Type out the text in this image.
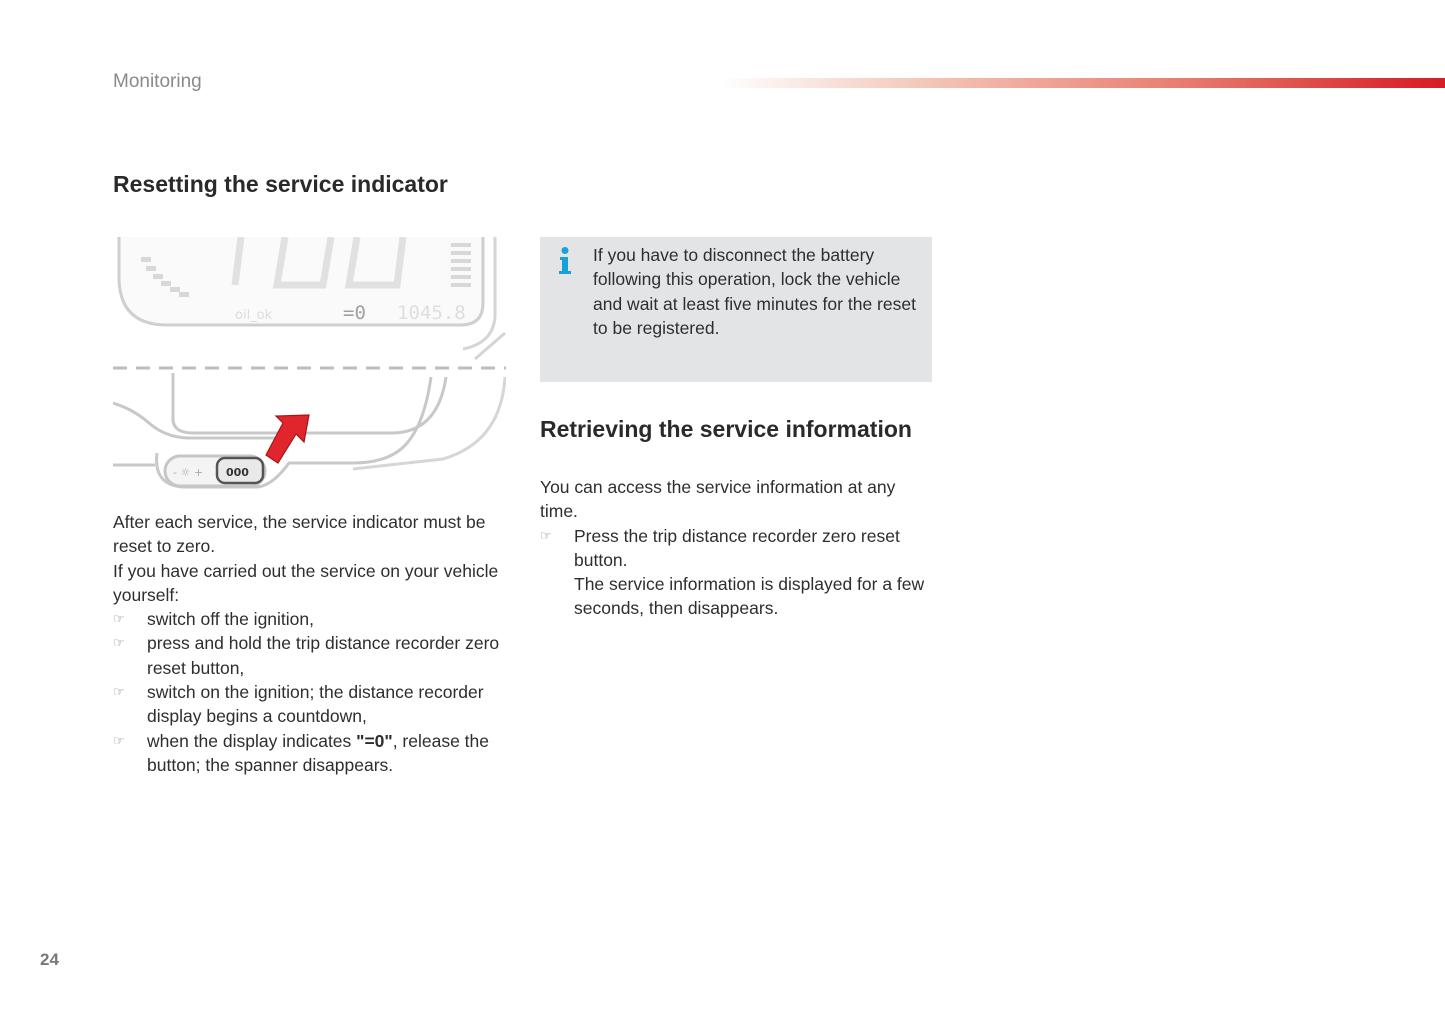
Monitoring
Resetting the service indicator
=0 1045.8
oil_ok
- ☼ + 000

After each service, the service indicator must be reset to zero.

If you have carried out the service on your vehicle yourself:

☞	switch off the ignition,
☞	press and hold the trip distance recorder zero reset button,
☞	switch on the ignition; the distance recorder display begins a countdown,
☞	when the display indicates "=0", release the button; the spanner disappears.

If you have to disconnect the battery following this operation, lock the vehicle and wait at least five minutes for the reset to be registered.

Retrieving the service information

You can access the service information at any time.

☞	Press the trip distance recorder zero reset button.
The service information is displayed for a few seconds, then disappears.
24
